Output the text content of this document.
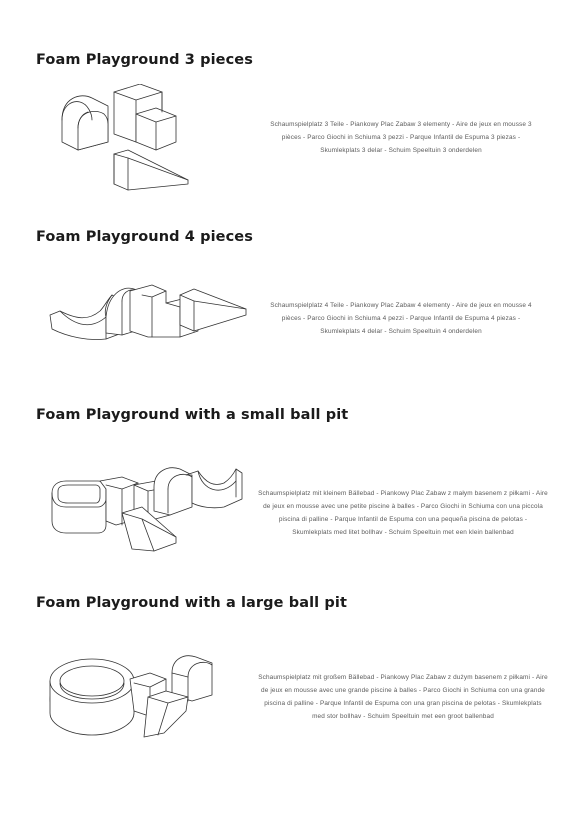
Foam Playground 3 pieces

Schaumspielplatz 3 Teile - Piankowy Plac Zabaw 3 elementy - Aire de jeux en mousse 3 pièces - Parco Giochi in Schiuma 3 pezzi - Parque Infantil de Espuma 3 piezas - Skumlekplats 3 delar - Schuim Speeltuin 3 onderdelen

Foam Playground 4 pieces

Schaumspielplatz 4 Teile - Piankowy Plac Zabaw 4 elementy - Aire de jeux en mousse 4 pièces - Parco Giochi in Schiuma 4 pezzi - Parque Infantil de Espuma 4 piezas - Skumlekplats 4 delar - Schuim Speeltuin 4 onderdelen

Foam Playground with a small ball pit

Schaumspielplatz mit kleinem Bällebad - Piankowy Plac Zabaw z małym basenem z piłkami - Aire de jeux en mousse avec une petite piscine à balles - Parco Giochi in Schiuma con una piccola piscina di palline - Parque Infantil de Espuma con una pequeña piscina de pelotas - Skumlekplats med litet bollhav - Schuim Speeltuin met een klein ballenbad

Foam Playground with a large ball pit

Schaumspielplatz mit großem Bällebad - Piankowy Plac Zabaw z dużym basenem z piłkami - Aire de jeux en mousse avec une grande piscine à balles - Parco Giochi in Schiuma con una grande piscina di palline - Parque Infantil de Espuma con una gran piscina de pelotas - Skumlekplats med stor bollhav - Schuim Speeltuin met een groot ballenbad
